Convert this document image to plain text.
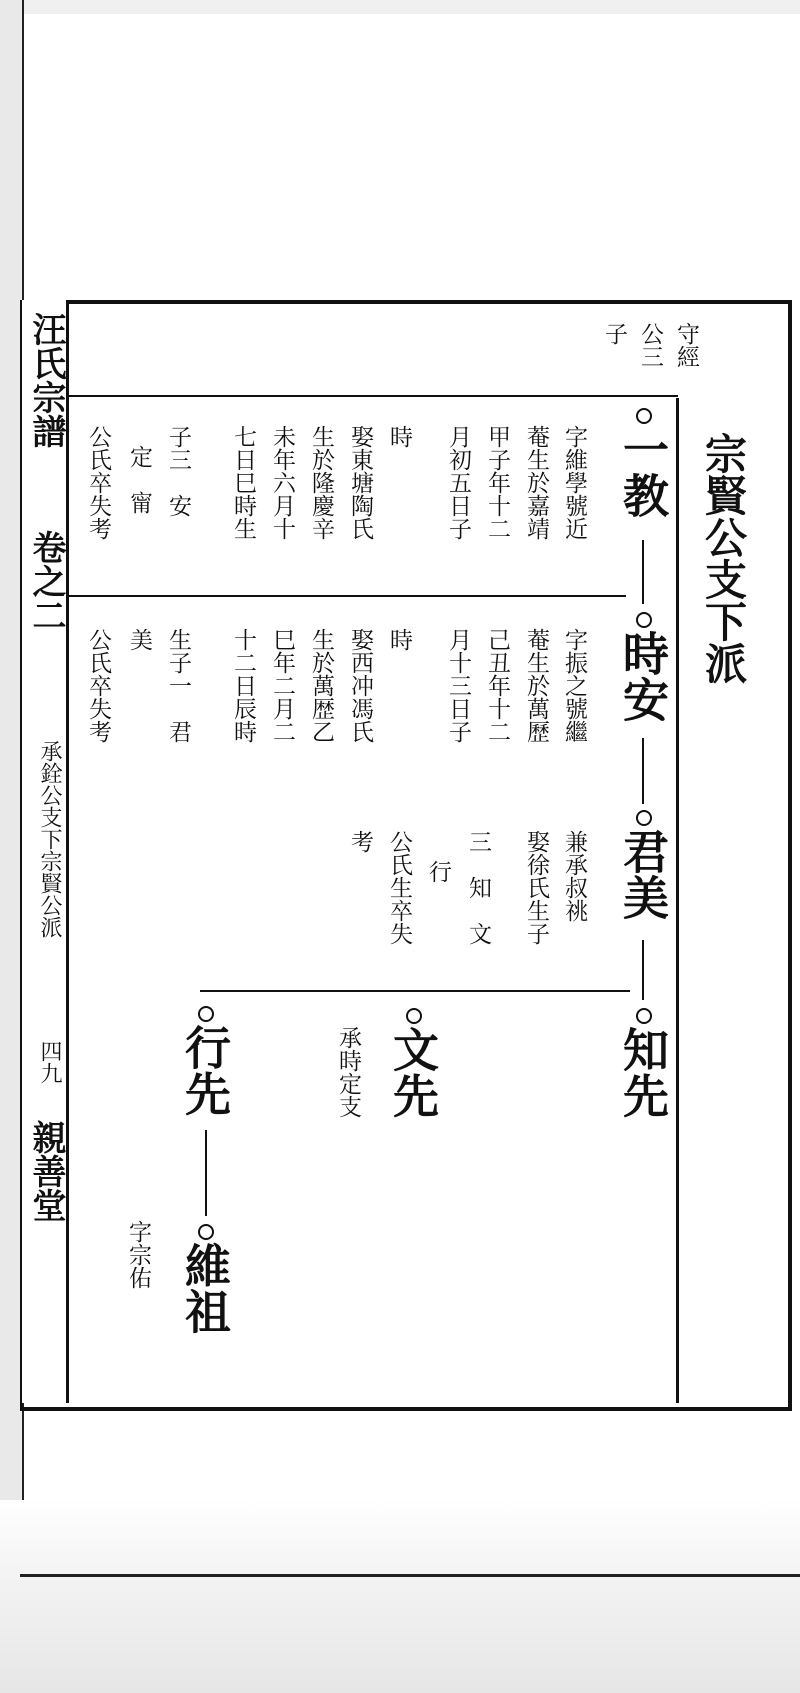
汪氏宗譜
卷之二
承銓公支下宗賢公派
四九
親善堂
宗賢公支下派
守經
公三
子
一教
時安
君美
知先
文先
行先
維祖
字維學號近
菴生於嘉靖
甲子年十二
月初五日子
時
娶東塘陶氏
生於隆慶辛
未年六月十
七日巳時生
子三　安
定　甯
公氏卒失考
字振之號繼
菴生於萬歷
己丑年十二
月十三日子
時
娶西冲馮氏
生於萬歴乙
巳年二月二
十二日辰時
生子一　君
美
公氏卒失考
兼承叔祧
娶徐氏生子
三　知　文
行
公氏生卒失
考
承時定支
字宗佑
